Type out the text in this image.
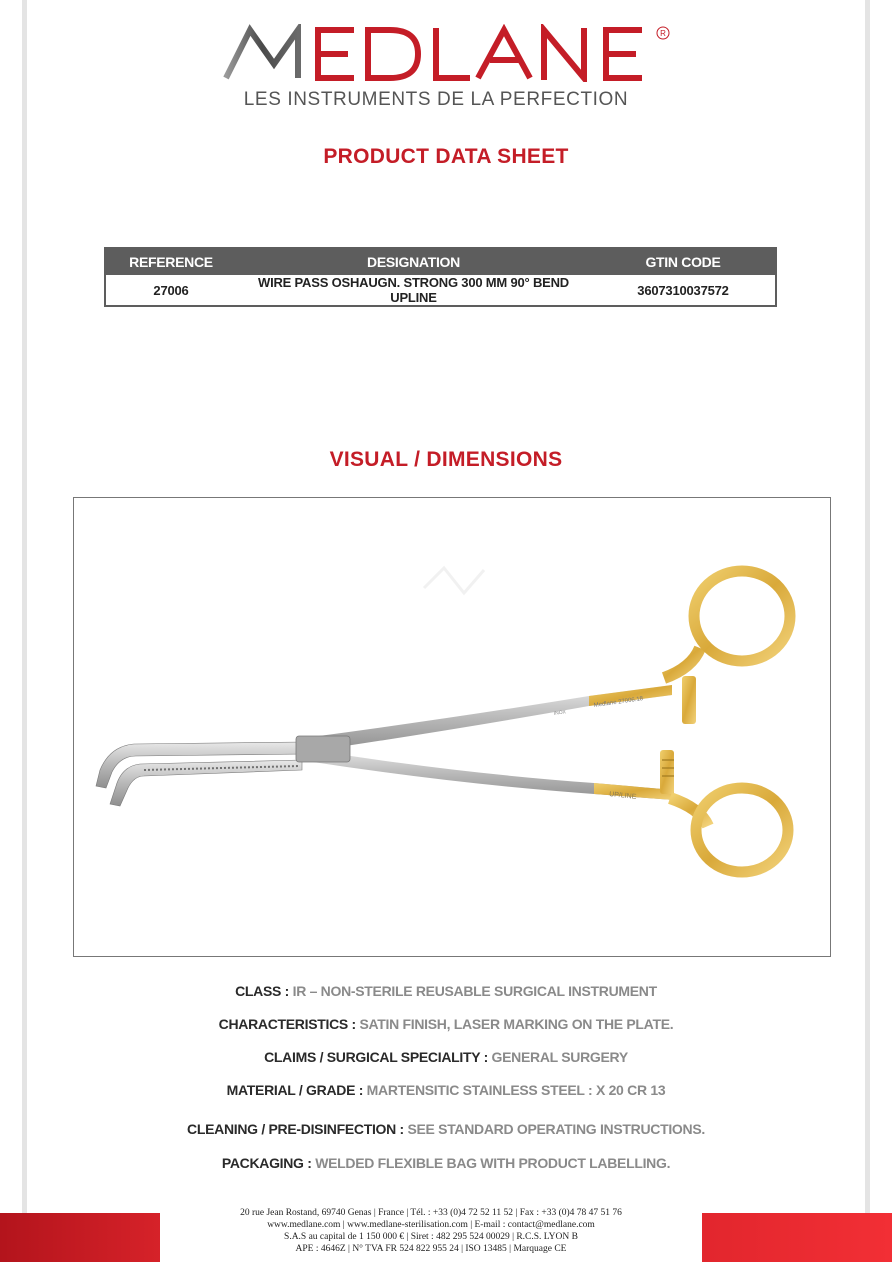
R
LES INSTRUMENTS DE LA PERFECTION
PRODUCT DATA SHEET
REFERENCE	DESIGNATION	GTIN CODE
27006	WIRE PASS OSHAUGN. STRONG 300 MM 90° BEND UPLINE	3607310037572
VISUAL / DIMENSIONS
Medlane 27006.18
INOX
UP/LINE
CLASS : IR – NON-STERILE REUSABLE SURGICAL INSTRUMENT
CHARACTERISTICS : SATIN FINISH, LASER MARKING ON THE PLATE.
CLAIMS / SURGICAL SPECIALITY : GENERAL SURGERY
MATERIAL / GRADE : MARTENSITIC STAINLESS STEEL : X 20 CR 13
CLEANING / PRE-DISINFECTION : SEE STANDARD OPERATING INSTRUCTIONS.
PACKAGING : WELDED FLEXIBLE BAG WITH PRODUCT LABELLING.
20 rue Jean Rostand, 69740 Genas | France | Tél. : +33 (0)4 72 52 11 52 | Fax : +33 (0)4 78 47 51 76
www.medlane.com | www.medlane-sterilisation.com | E-mail : contact@medlane.com
S.A.S au capital de 1 150 000 € | Siret : 482 295 524 00029 | R.C.S. LYON B
APE : 4646Z | N° TVA FR 524 822 955 24 | ISO 13485 | Marquage CE
